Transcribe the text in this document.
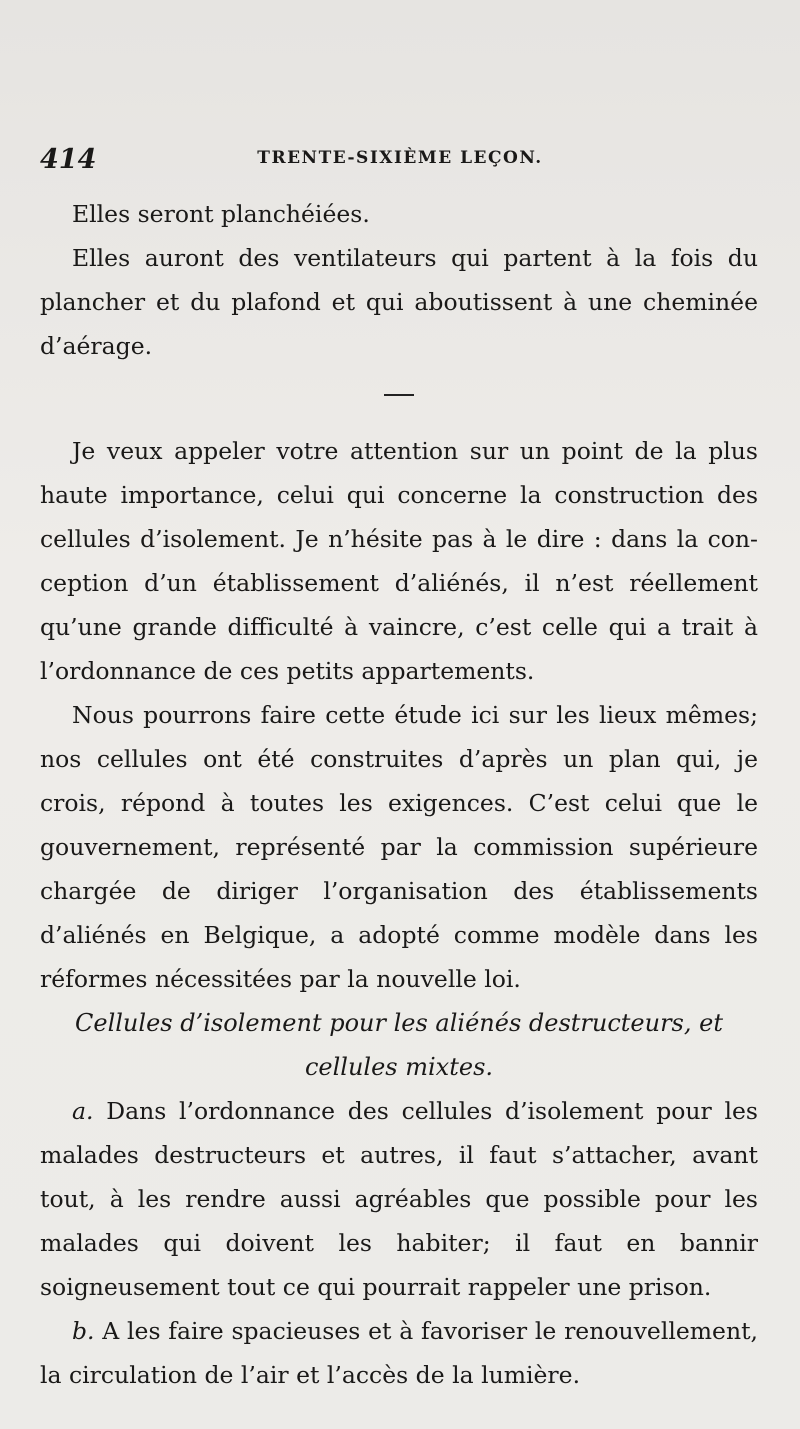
414	TRENTE-SIXIÈME LEÇON.

Elles seront planchéiées.

Elles auront des ventilateurs qui partent à la fois du plancher et du plafond et qui aboutissent à une cheminée d’aérage.

Je veux appeler votre attention sur un point de la plus haute importance, celui qui concerne la construction des cellules d’isolement. Je n’hésite pas à le dire : dans la conception d’un établissement d’aliénés, il n’est réellement qu’une grande difficulté à vaincre, c’est celle qui a trait à l’ordonnance de ces petits appartements.

Nous pourrons faire cette étude ici sur les lieux mêmes; nos cellules ont été construites d’après un plan qui, je crois, répond à toutes les exigences. C’est celui que le gouvernement, représenté par la commission supérieure chargée de diriger l’organisation des établissements d’aliénés en Belgique, a adopté comme modèle dans les réformes nécessitées par la nouvelle loi.

Cellules d’isolement pour les aliénés destructeurs, et cellules mixtes.

a. Dans l’ordonnance des cellules d’isolement pour les malades destructeurs et autres, il faut s’attacher, avant tout, à les rendre aussi agréables que possible pour les malades qui doivent les habiter; il faut en bannir soigneusement tout ce qui pourrait rappeler une prison.

b. A les faire spacieuses et à favoriser le renouvellement, la circulation de l’air et l’accès de la lumière.
